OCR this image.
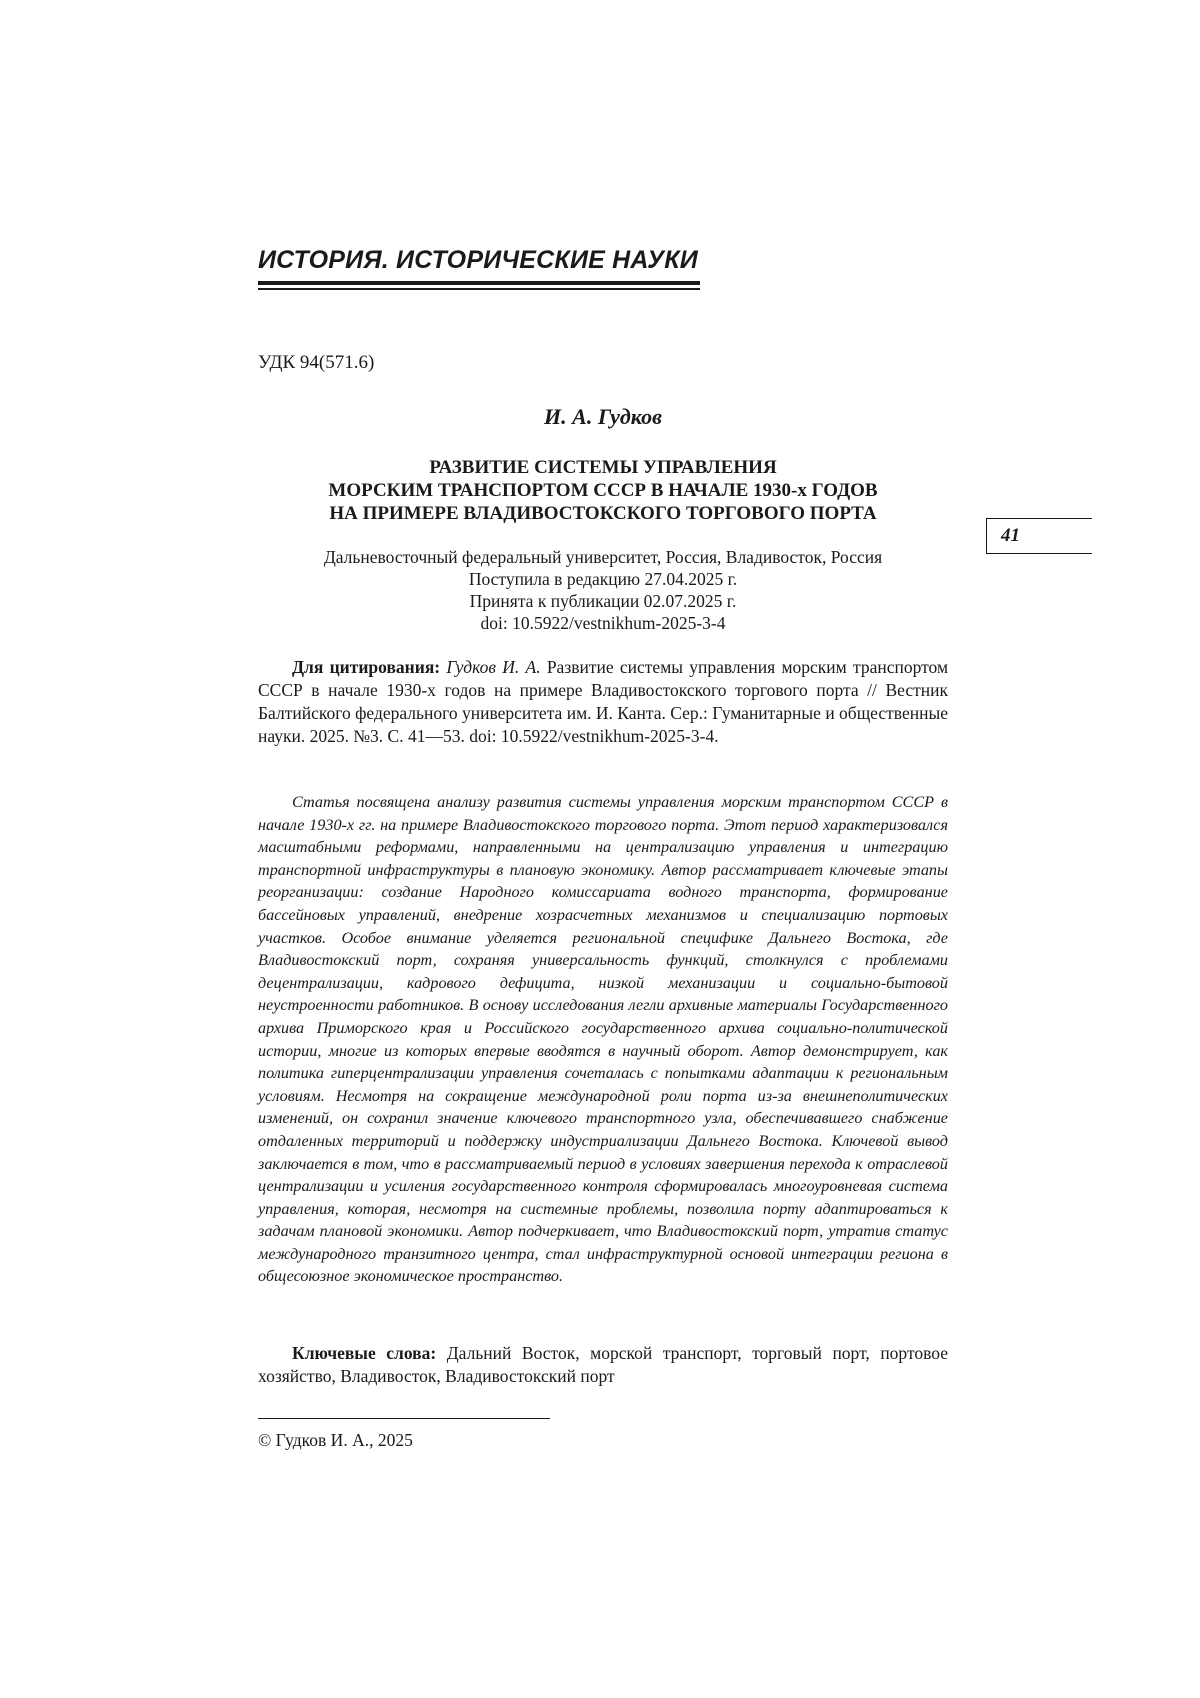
ИСТОРИЯ. ИСТОРИЧЕСКИЕ НАУКИ
УДК 94(571.6)
И. А. Гудков
РАЗВИТИЕ СИСТЕМЫ УПРАВЛЕНИЯ
МОРСКИМ ТРАНСПОРТОМ СССР В НАЧАЛЕ 1930-х ГОДОВ
НА ПРИМЕРЕ ВЛАДИВОСТОКСКОГО ТОРГОВОГО ПОРТА
Дальневосточный федеральный университет, Россия, Владивосток, Россия
Поступила в редакцию 27.04.2025 г.
Принята к публикации 02.07.2025 г.
doi: 10.5922/vestnikhum-2025-3-4
41

Для цитирования: Гудков И. А. Развитие системы управления морским транспортом СССР в начале 1930-х годов на примере Владивостокского торгового порта // Вестник Балтийского федерального университета им. И. Канта. Сер.: Гуманитарные и общественные науки. 2025. №3. С. 41—53. doi: 10.5922/vestnikhum-2025-3-4.

Статья посвящена анализу развития системы управления морским транспортом СССР в начале 1930-х гг. на примере Владивостокского торгового порта. Этот период характеризовался масштабными реформами, направленными на централизацию управления и интеграцию транспортной инфраструктуры в плановую экономику. Автор рассматривает ключевые этапы реорганизации: создание Народного комиссариата водного транспорта, формирование бассейновых управлений, внедрение хозрасчетных механизмов и специализацию портовых участков. Особое внимание уделяется региональной специфике Дальнего Востока, где Владивостокский порт, сохраняя универсальность функций, столкнулся с проблемами децентрализации, кадрового дефицита, низкой механизации и социально-бытовой неустроенности работников. В основу исследования легли архивные материалы Государственного архива Приморского края и Российского государственного архива социально-политической истории, многие из которых впервые вводятся в научный оборот. Автор демонстрирует, как политика гиперцентрализации управления сочеталась с попытками адаптации к региональным условиям. Несмотря на сокращение международной роли порта из-за внешнеполитических изменений, он сохранил значение ключевого транспортного узла, обеспечивавшего снабжение отдаленных территорий и поддержку индустриализации Дальнего Востока. Ключевой вывод заключается в том, что в рассматриваемый период в условиях завершения перехода к отраслевой централизации и усиления государственного контроля сформировалась многоуровневая система управления, которая, несмотря на системные проблемы, позволила порту адаптироваться к задачам плановой экономики. Автор подчеркивает, что Владивостокский порт, утратив статус международного транзитного центра, стал инфраструктурной основой интеграции региона в общесоюзное экономическое пространство.

Ключевые слова: Дальний Восток, морской транспорт, торговый порт, портовое хозяйство, Владивосток, Владивостокский порт

© Гудков И. А., 2025
